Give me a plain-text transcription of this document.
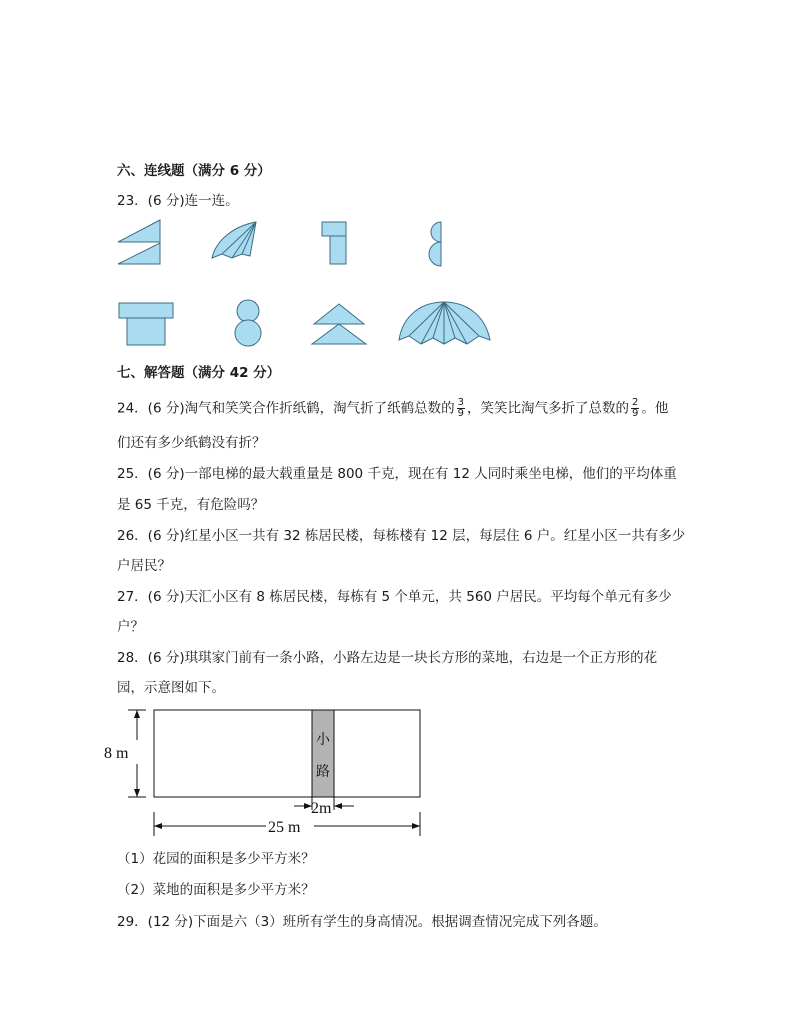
六、连线题（满分 6 分）
23．(6 分)连一连。
七、解答题（满分 42 分）
24．(6 分)淘气和笑笑合作折纸鹤，淘气折了纸鹤总数的 $\frac{3}{9}$ ，笑笑比淘气多折了总数的 $\frac{2}{9}$ 。他
们还有多少纸鹤没有折？
25．(6 分)一部电梯的最大载重量是 800 千克，现在有 12 人同时乘坐电梯，他们的平均体重
是 65 千克，有危险吗？
26．(6 分)红星小区一共有 32 栋居民楼，每栋楼有 12 层，每层住 6 户。红星小区一共有多少
户居民？
27．(6 分)天汇小区有 8 栋居民楼，每栋有 5 个单元，共 560 户居民。平均每个单元有多少
户？
28．(6 分)琪琪家门前有一条小路，小路左边是一块长方形的菜地，右边是一个正方形的花
园，示意图如下。
8 m
小
路
2m
25 m
（1）花园的面积是多少平方米？
（2）菜地的面积是多少平方米？
29．(12 分)下面是六（3）班所有学生的身高情况。根据调查情况完成下列各题。
